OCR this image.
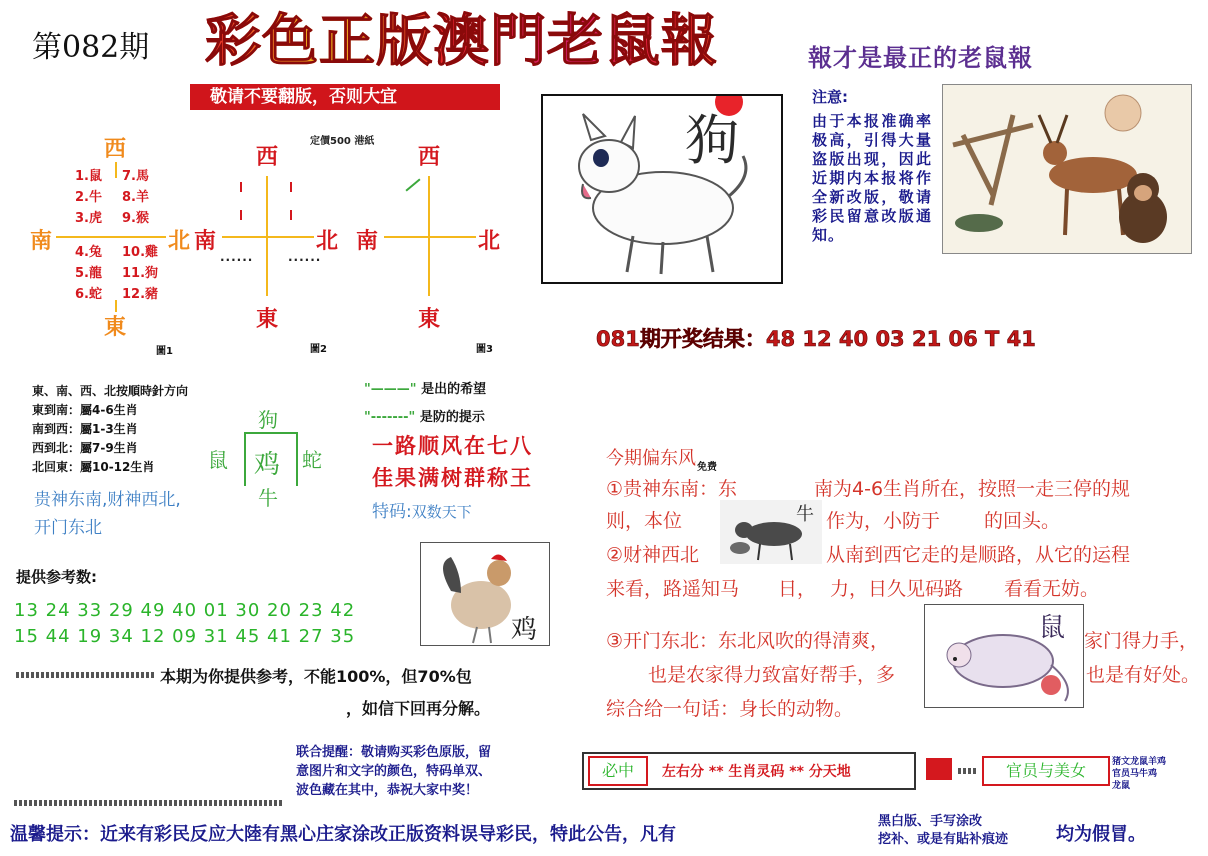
第082期 彩色正版澳門老鼠報
	報才是最正的老鼠報
敬请不要翻版，否则大宜
定價500 港紙
西
1.鼠 7.馬
2.牛 8.羊
3.虎 9.猴
南	北
4.兔 10.雞
5.龍 11.狗
6.蛇 12.豬
東
圖1
西
南	北
東
......	......
圖2
西
南	北
東
圖3
狗
注意:
由于本报准确率极高，引得大量盗版出现，因此近期内本报将作全新改版，敬请彩民留意改版通知。
081期开奖结果：48 12 40 03 21 06 T 41
東、南、西、北按順時針方向
東到南：屬4-6生肖
南到西：屬1-3生肖
西到北：屬7-9生肖
北回東：屬10-12生肖
"———" 是出的希望
"-------" 是防的提示
狗
鼠 鸡 蛇
牛
一路顺风在七八
佳果满树群称王
贵神东南,财神西北,
开门东北
特码:双数天下
提供参考数:
13 24 33 29 49 40 01 30 20 23 42
15 44 19 34 12 09 31 45 41 27 35	鸡
本期为你提供参考，不能100%，但70%包
，如信下回再分解。
今期偏东风 免费
①贵神东南：东	南为4-6生肖所在，按照一走三停的规
则，本位	作为，小防于 的回头。
牛
②财神西北	从南到西它走的是顺路，从它的运程
来看，路遥知马 日， 力，日久见码路 看看无妨。
③开门东北：东北风吹的得清爽，	家门得力手，
也是农家得力致富好帮手，多	也是有好处。
鼠
综合给一句话：身长的动物。
联合提醒：敬请购买彩色原版，留
意图片和文字的颜色，特码单双、
波色藏在其中，恭祝大家中奖！
必中	左右分 ** 生肖灵码 ** 分天地	官员与美女	猪文龙鼠羊鸡
官员马牛鸡
龙鼠
温馨提示：近来有彩民反应大陸有黑心庄家涂改正版资料误导彩民，特此公告，凡有
黑白版、手写涂改
挖补、或是有貼补痕迹	均为假冒。
